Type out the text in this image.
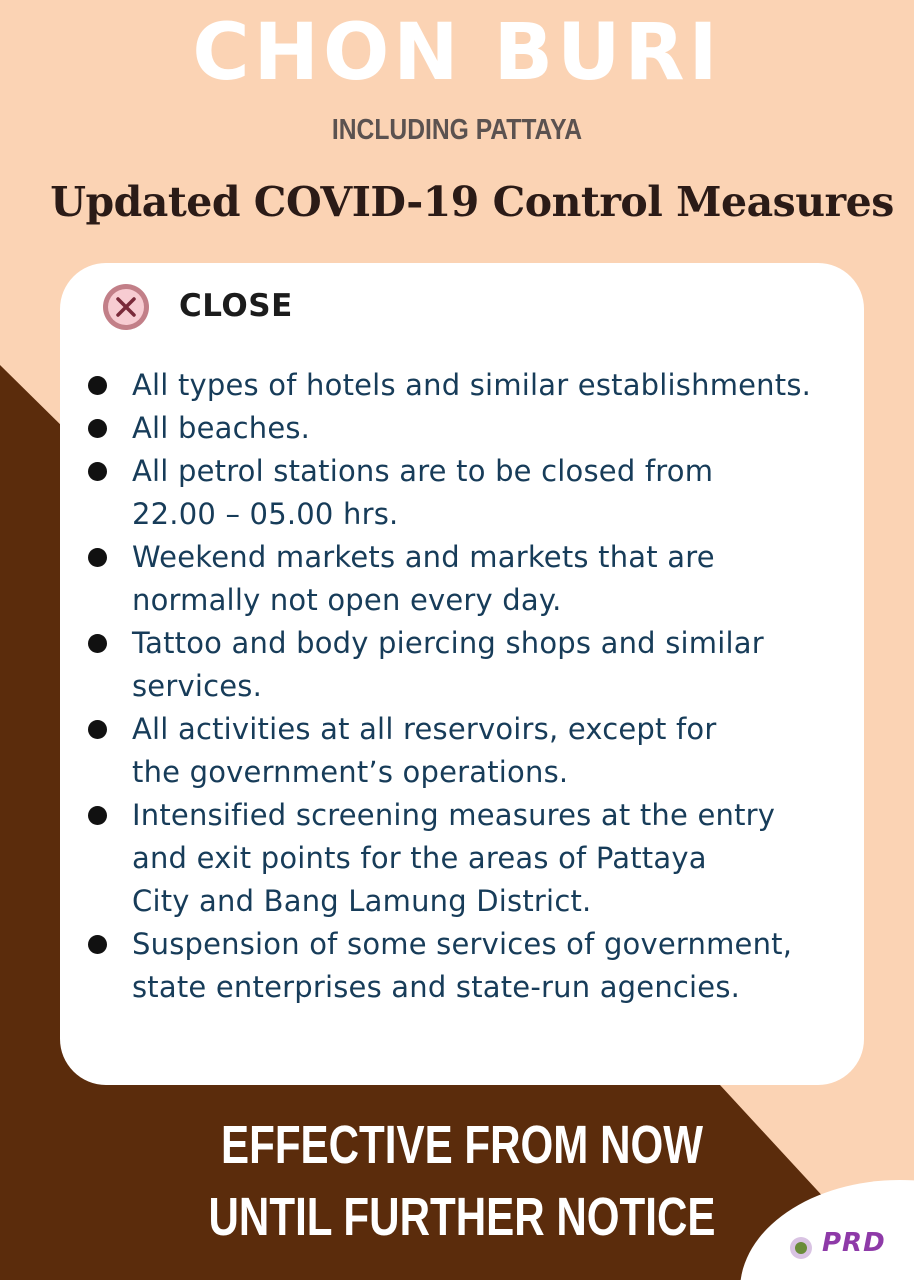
CHON BURI
INCLUDING PATTAYA
Updated COVID-19 Control Measures
CLOSE
All types of hotels and similar establishments.
All beaches.
All petrol stations are to be closed from
22.00 – 05.00 hrs.
Weekend markets and markets that are
normally not open every day.
Tattoo and body piercing shops and similar
services.
All activities at all reservoirs, except for
the government’s operations.
Intensified screening measures at the entry
and exit points for the areas of Pattaya
City and Bang Lamung District.
Suspension of some services of government,
state enterprises and state-run agencies.
EFFECTIVE FROM NOW
UNTIL FURTHER NOTICE	PRD
